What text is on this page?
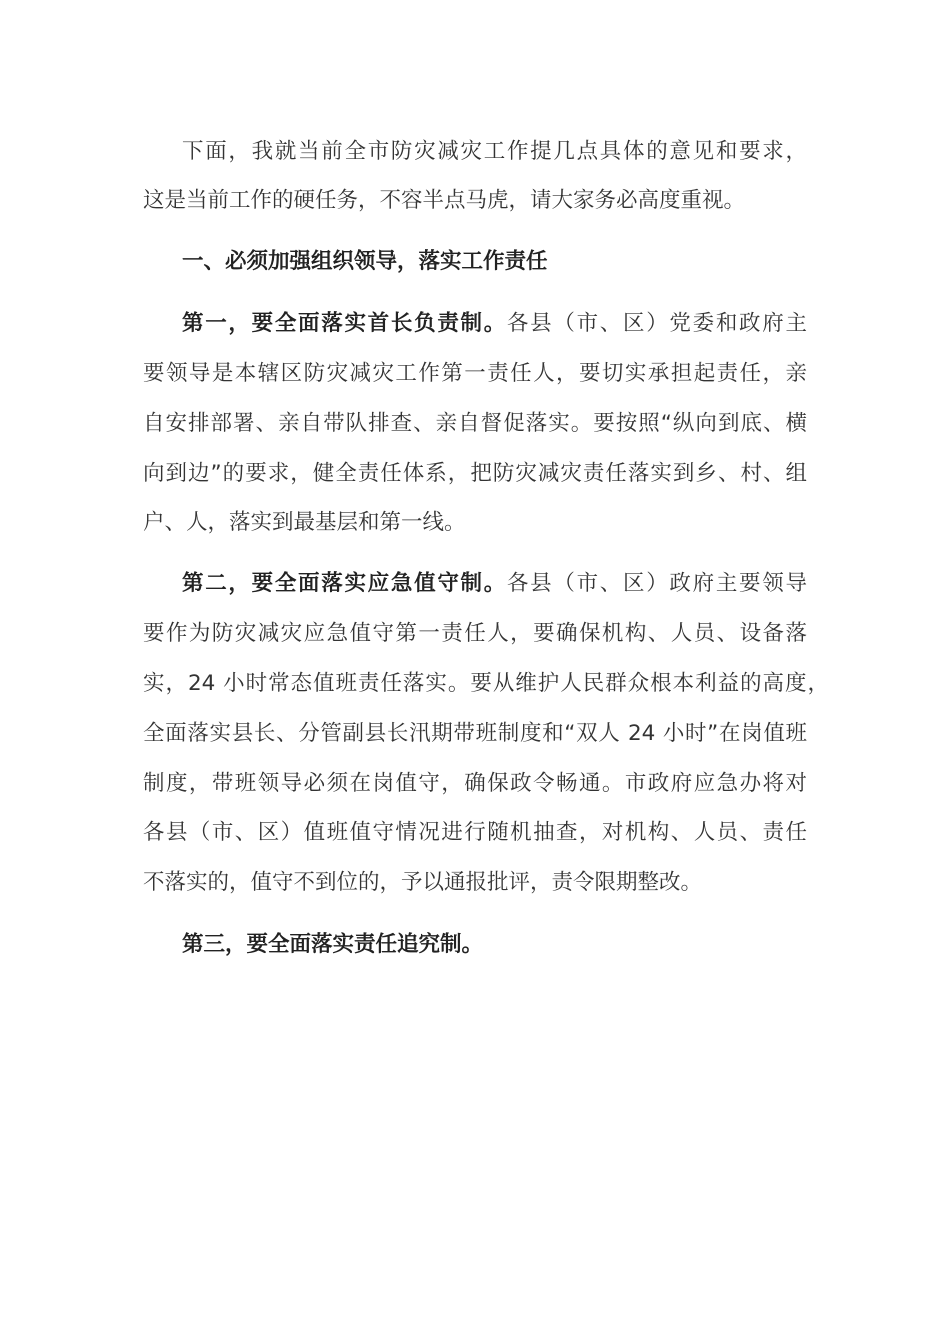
下面，我就当前全市防灾减灾工作提几点具体的意见和要求，
这是当前工作的硬任务，不容半点马虎，请大家务必高度重视。
一、必须加强组织领导，落实工作责任
第一，要全面落实首长负责制。各县（市、区）党委和政府主
要领导是本辖区防灾减灾工作第一责任人，要切实承担起责任，亲
自安排部署、亲自带队排查、亲自督促落实。要按照“纵向到底、横
向到边”的要求，健全责任体系，把防灾减灾责任落实到乡、村、组
户、人，落实到最基层和第一线。
第二，要全面落实应急值守制。各县（市、区）政府主要领导
要作为防灾减灾应急值守第一责任人，要确保机构、人员、设备落
实，24 小时常态值班责任落实。要从维护人民群众根本利益的高度，
全面落实县长、分管副县长汛期带班制度和“双人 24 小时”在岗值班
制度，带班领导必须在岗值守，确保政令畅通。市政府应急办将对
各县（市、区）值班值守情况进行随机抽查，对机构、人员、责任
不落实的，值守不到位的，予以通报批评，责令限期整改。
第三，要全面落实责任追究制。
